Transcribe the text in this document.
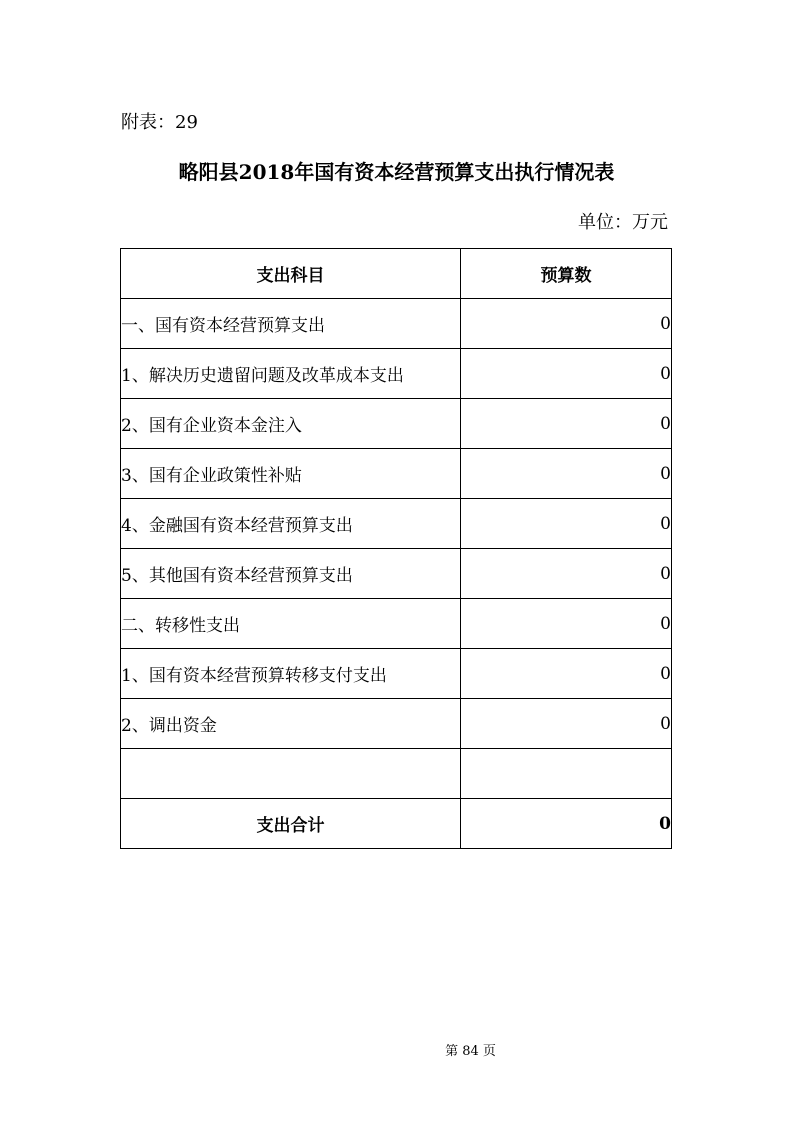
附表：29
略阳县2018年国有资本经营预算支出执行情况表
单位：万元
支出科目	预算数
一、国有资本经营预算支出	0
1、解决历史遗留问题及改革成本支出	0
2、国有企业资本金注入	0
3、国有企业政策性补贴	0
4、金融国有资本经营预算支出	0
5、其他国有资本经营预算支出	0
二、转移性支出	0
1、国有资本经营预算转移支付支出	0
2、调出资金	0

支出合计	0
第 84 页
